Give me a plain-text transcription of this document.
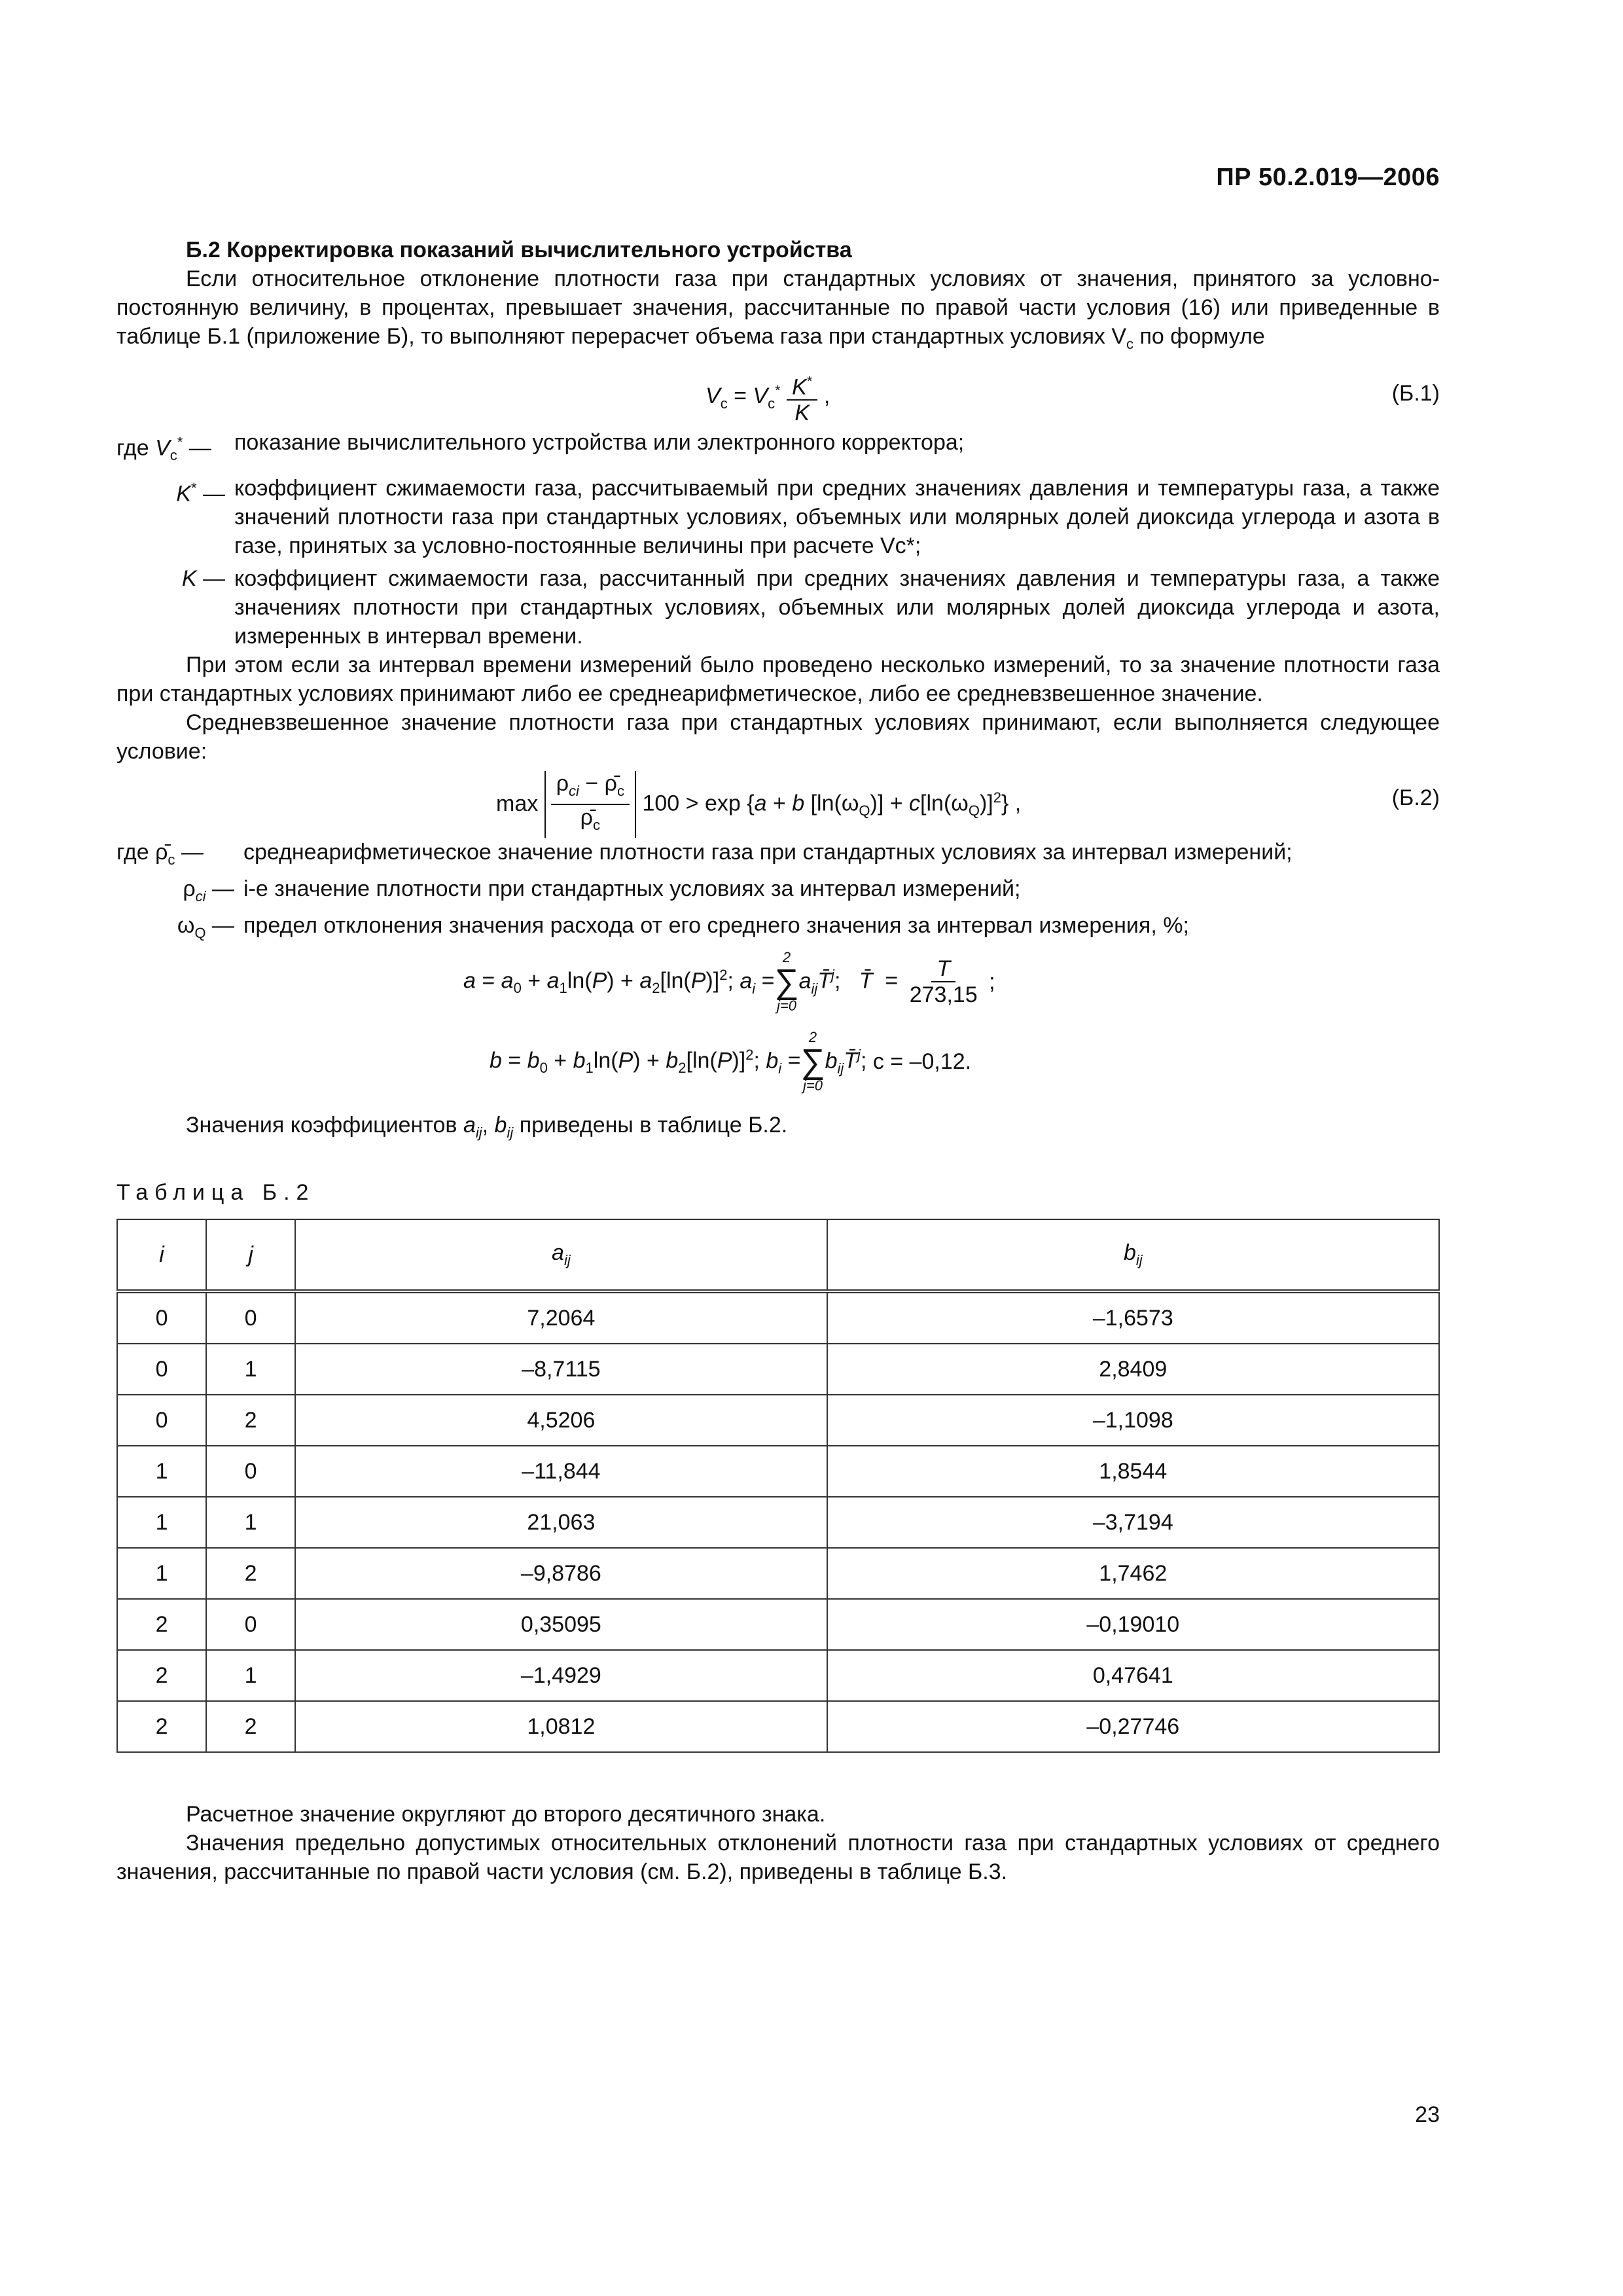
ПР 50.2.019—2006
Б.2 Корректировка показаний вычислительного устройства

Если относительное отклонение плотности газа при стандартных условиях от значения, принятого за условно-постоянную величину, в процентах, превышает значения, рассчитанные по правой части условия (16) или приведенные в таблице Б.1 (приложение Б), то выполняют перерасчет объема газа при стандартных условиях $V_с$ по формуле

$V_c = V_c^* \frac{K^*}{K}$ ,	(Б.1)
где $V_c^*$ —	показание вычислительного устройства или электронного корректора;
K* — коэффициент сжимаемости газа, рассчитываемый при средних значениях давления и температуры газа, а также значений плотности газа при стандартных условиях, объемных или молярных долей диоксида углерода и азота в газе, принятых за условно-постоянные величины при расчете Vс*;
K — коэффициент сжимаемости газа, рассчитанный при средних значениях давления и температуры газа, а также значениях плотности при стандартных условиях, объемных или молярных долей диоксида углерода и азота, измеренных в интервал времени.

При этом если за интервал времени измерений было проведено несколько измерений, то за значение плотности газа при стандартных условиях принимают либо ее среднеарифметическое, либо ее средневзвешенное значение.

Средневзвешенное значение плотности газа при стандартных условиях принимают, если выполняется следующее условие:

$\max \frac{\rho_{ci} - \rhō_c}{\rhō_c} 100 > \exp \{a + b$ $[\ln(\omega_Q)] + c[\ln(\omega_Q)]^2$} ,	(Б.2)
где $\rhō_c$ —	среднеарифметическое значение плотности газа при стандартных условиях за интервал измерений;
$\rho_{ci}$ — i-е значение плотности при стандартных условиях за интервал измерений;
$\omega_Q$ — предел отклонения значения расхода от его среднего значения за интервал измерения, %;
$a = a_0 + a_1\ln(P) + a_2[\ln(P)]^2$; $a_i$ =
2
∑
j=0
$a_{ij}T̄^j$;   T̄  = $\frac{T}{273,15}$ ;
$b = b_0 + b_1\ln(P) + b_2[\ln(P)]^2$; $b_i$ =
2
∑
j=0
$b_{ij}T̄^j$; c = –0,12.

Значения коэффициентов $a_{ij}$, $b_{ij}$ приведены в таблице Б.2.

Таблица Б.2

i	j	$a_{ij}$	$b_{ij}$
0	0	7,2064	–1,6573
0	1	–8,7115	2,8409
0	2	4,5206	–1,1098
1	0	–11,844	1,8544
1	1	21,063	–3,7194
1	2	–9,8786	1,7462
2	0	0,35095	–0,19010
2	1	–1,4929	0,47641
2	2	1,0812	–0,27746

Расчетное значение округляют до второго десятичного знака.

Значения предельно допустимых относительных отклонений плотности газа при стандартных условиях от среднего значения, рассчитанные по правой части условия (см. Б.2), приведены в таблице Б.3.

23
